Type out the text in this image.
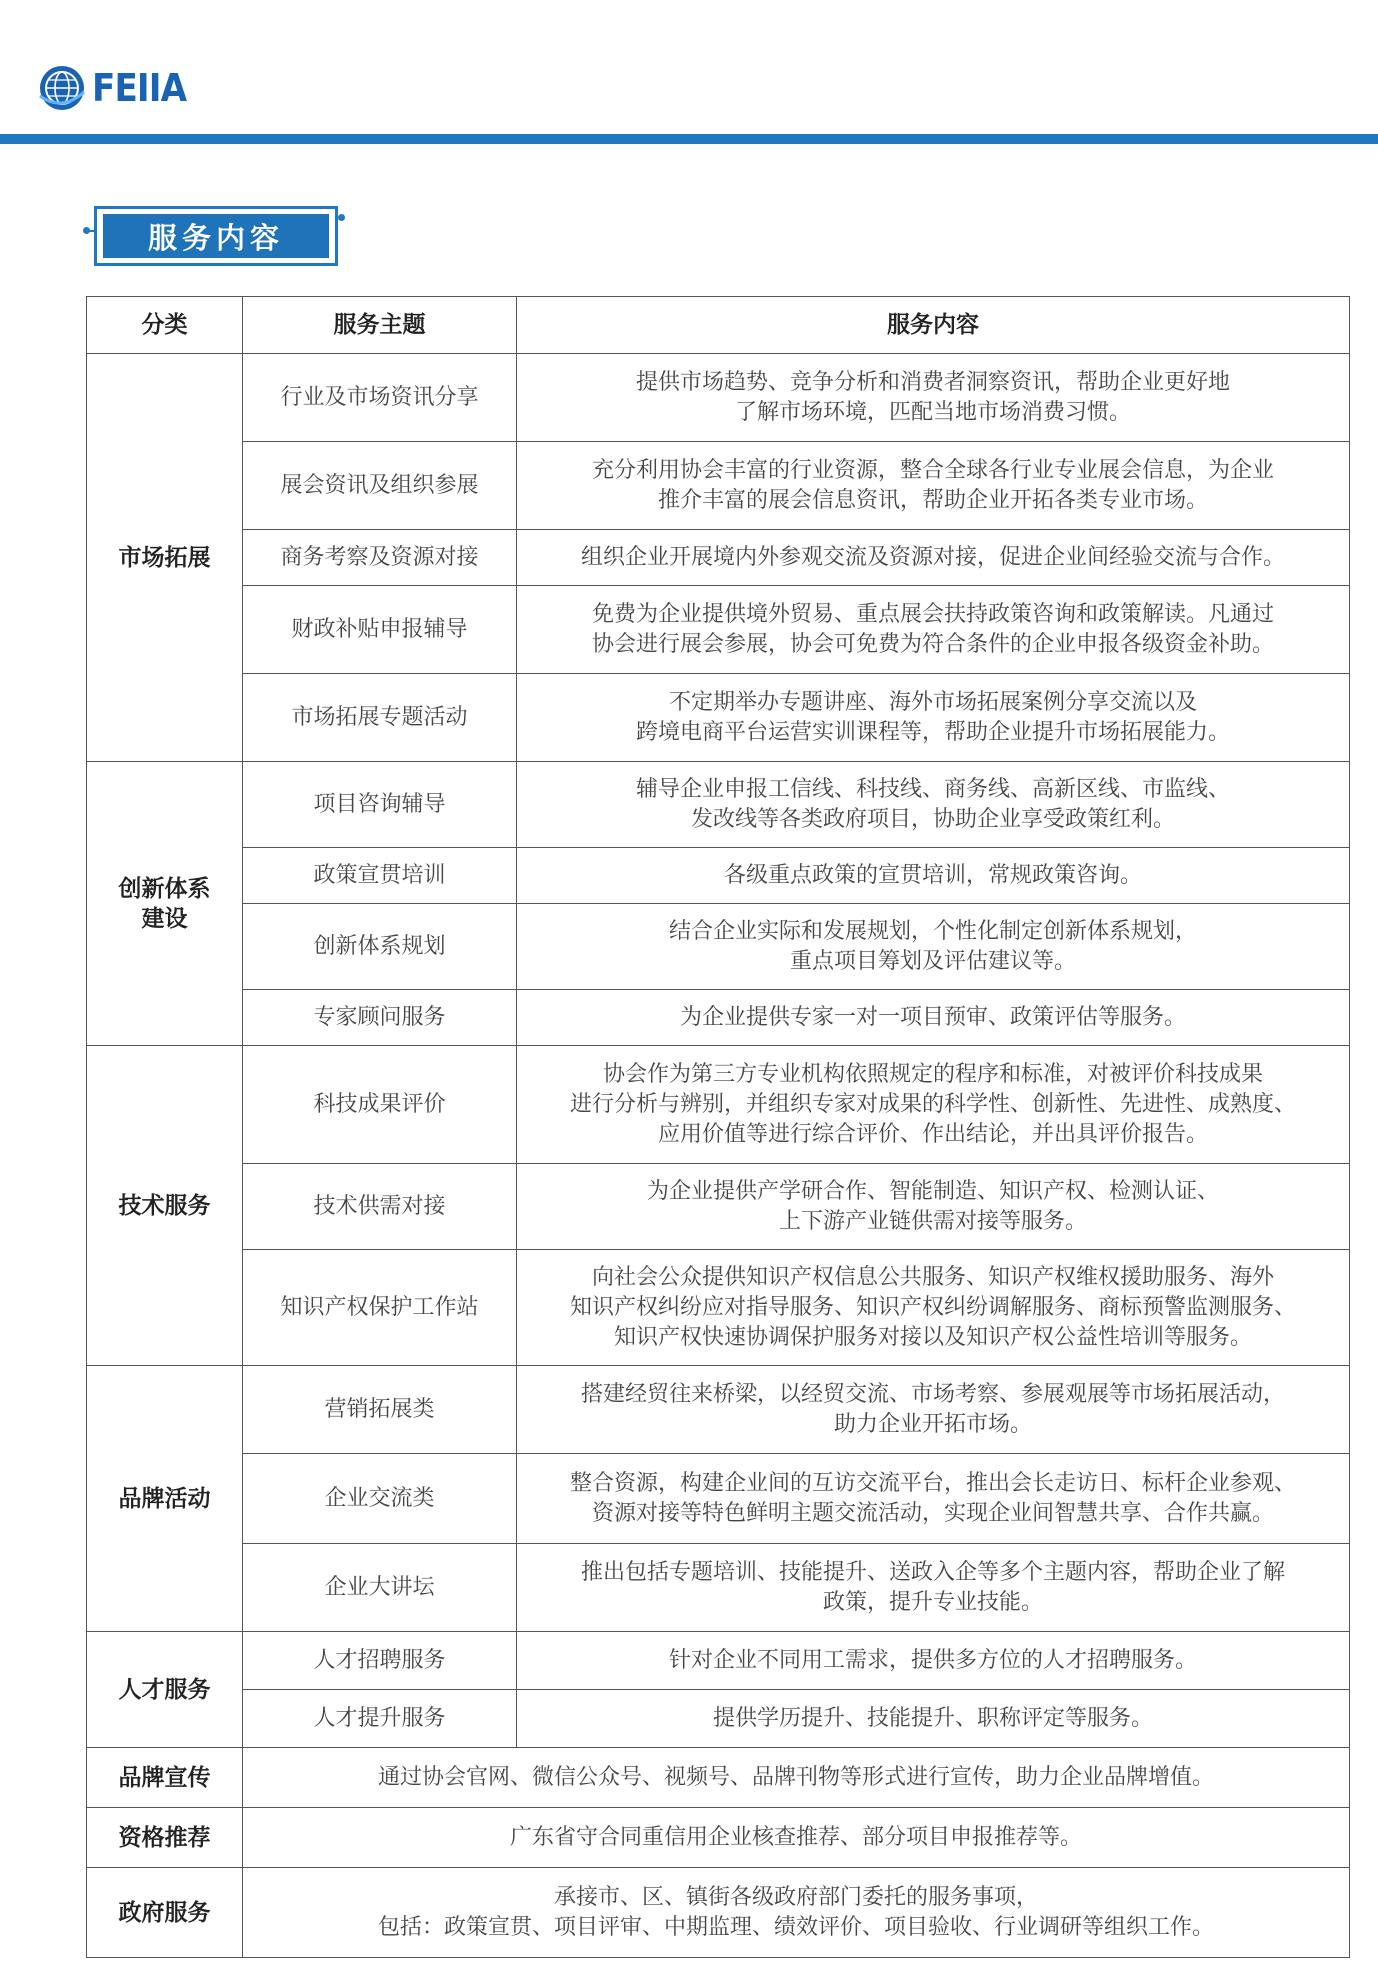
FEIIA
服务内容
分类	服务主题	服务内容
市场拓展	行业及市场资讯分享	提供市场趋势、竞争分析和消费者洞察资讯，帮助企业更好地
了解市场环境，匹配当地市场消费习惯。
	展会资讯及组织参展	充分利用协会丰富的行业资源，整合全球各行业专业展会信息，为企业
推介丰富的展会信息资讯，帮助企业开拓各类专业市场。
	商务考察及资源对接	组织企业开展境内外参观交流及资源对接，促进企业间经验交流与合作。
	财政补贴申报辅导	免费为企业提供境外贸易、重点展会扶持政策咨询和政策解读。凡通过
协会进行展会参展，协会可免费为符合条件的企业申报各级资金补助。
	市场拓展专题活动	不定期举办专题讲座、海外市场拓展案例分享交流以及
跨境电商平台运营实训课程等，帮助企业提升市场拓展能力。
创新体系
建设	项目咨询辅导	辅导企业申报工信线、科技线、商务线、高新区线、市监线、
发改线等各类政府项目，协助企业享受政策红利。
	政策宣贯培训	各级重点政策的宣贯培训，常规政策咨询。
	创新体系规划	结合企业实际和发展规划，个性化制定创新体系规划，
重点项目筹划及评估建议等。
	专家顾问服务	为企业提供专家一对一项目预审、政策评估等服务。
技术服务	科技成果评价	协会作为第三方专业机构依照规定的程序和标准，对被评价科技成果
进行分析与辨别，并组织专家对成果的科学性、创新性、先进性、成熟度、
应用价值等进行综合评价、作出结论，并出具评价报告。
	技术供需对接	为企业提供产学研合作、智能制造、知识产权、检测认证、
上下游产业链供需对接等服务。
	知识产权保护工作站	向社会公众提供知识产权信息公共服务、知识产权维权援助服务、海外
知识产权纠纷应对指导服务、知识产权纠纷调解服务、商标预警监测服务、
知识产权快速协调保护服务对接以及知识产权公益性培训等服务。
品牌活动	营销拓展类	搭建经贸往来桥梁，以经贸交流、市场考察、参展观展等市场拓展活动，
助力企业开拓市场。
	企业交流类	整合资源，构建企业间的互访交流平台，推出会长走访日、标杆企业参观、
资源对接等特色鲜明主题交流活动，实现企业间智慧共享、合作共赢。
	企业大讲坛	推出包括专题培训、技能提升、送政入企等多个主题内容，帮助企业了解
政策，提升专业技能。
人才服务	人才招聘服务	针对企业不同用工需求，提供多方位的人才招聘服务。
	人才提升服务	提供学历提升、技能提升、职称评定等服务。
品牌宣传	通过协会官网、微信公众号、视频号、品牌刊物等形式进行宣传，助力企业品牌增值。	
资格推荐	广东省守合同重信用企业核查推荐、部分项目申报推荐等。	
政府服务	承接市、区、镇街各级政府部门委托的服务事项，
包括：政策宣贯、项目评审、中期监理、绩效评价、项目验收、行业调研等组织工作。	
